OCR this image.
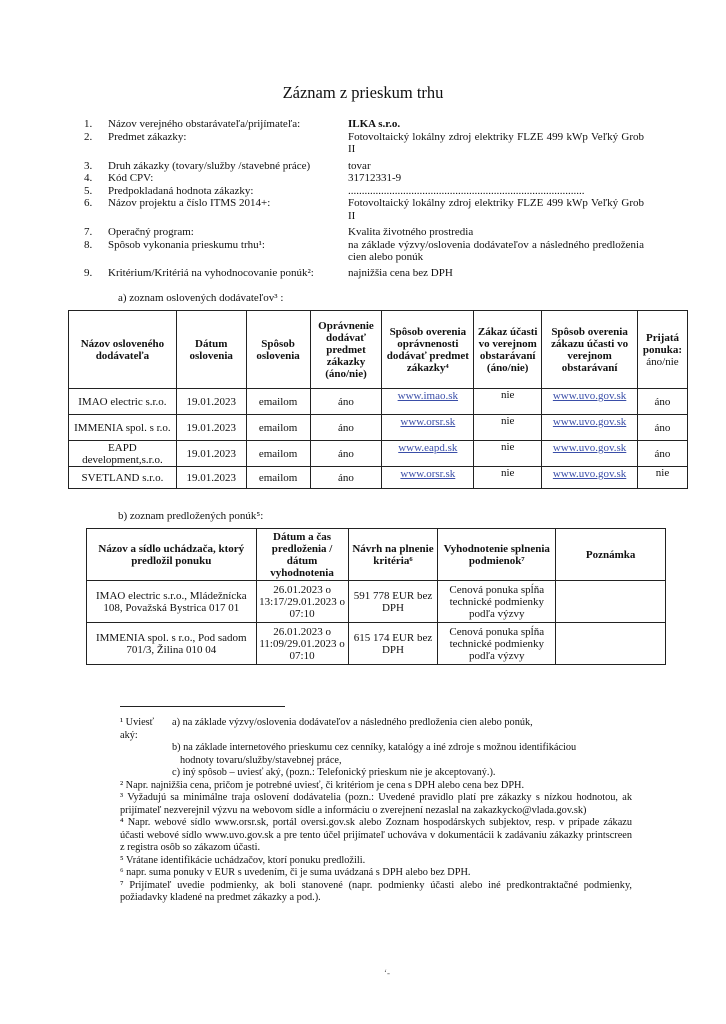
Záznam z prieskum trhu
1.	Názov verejného obstarávateľa/prijímateľa:	ILKA s.r.o.
2.	Predmet zákazky:	Fotovoltaický lokálny zdroj elektriky FLZE 499 kWp Veľký Grob II
3.	Druh zákazky (tovary/služby /stavebné práce)	tovar
4.	Kód CPV:	31712331-9
5.	Predpokladaná hodnota zákazky:	......................................................................................
6.	Názov projektu a číslo ITMS 2014+:	Fotovoltaický lokálny zdroj elektriky FLZE 499 kWp Veľký Grob II
7.	Operačný program:	Kvalita životného prostredia
8.	Spôsob vykonania prieskumu trhu¹:	na základe výzvy/oslovenia dodávateľov a následného predloženia cien alebo ponúk
9.	Kritérium/Kritériá na vyhodnocovanie ponúk²:	najnižšia cena bez DPH
a) zoznam oslovených dodávateľov³ :
Názov osloveného dodávateľa	Dátum oslovenia	Spôsob oslovenia	Oprávnenie dodávať predmet zákazky (áno/nie)	Spôsob overenia oprávnenosti dodávať predmet zákazky⁴	Zákaz účasti vo verejnom obstarávaní (áno/nie)	Spôsob overenia zákazu účasti vo verejnom obstarávaní	Prijatá ponuka:
áno/nie
IMAO electric s.r.o.	19.01.2023	emailom	áno	www.imao.sk	nie	www.uvo.gov.sk	áno
IMMENIA spol. s r.o.	19.01.2023	emailom	áno	www.orsr.sk	nie	www.uvo.gov.sk	áno
EAPD development,s.r.o.	19.01.2023	emailom	áno	www.eapd.sk	nie	www.uvo.gov.sk	áno
SVETLAND s.r.o.	19.01.2023	emailom	áno	www.orsr.sk	nie	www.uvo.gov.sk	nie
b) zoznam predložených ponúk⁵:
Názov a sídlo uchádzača, ktorý predložil ponuku	Dátum a čas predloženia / dátum vyhodnotenia	Návrh na plnenie kritéria⁶	Vyhodnotenie splnenia podmienok⁷	Poznámka
IMAO electric s.r.o., Mládežnícka 108, Považská Bystrica 017 01	26.01.2023 o 13:17/29.01.2023 o 07:10	591 778 EUR bez DPH	Cenová ponuka spĺňa technické podmienky podľa výzvy	
IMMENIA spol. s r.o., Pod sadom 701/3, Žilina 010 04	26.01.2023 o 11:09/29.01.2023 o 07:10	615 174 EUR bez DPH	Cenová ponuka spĺňa technické podmienky podľa výzvy	
¹ Uviesť aký:
a) na základe výzvy/oslovenia dodávateľov a následného predloženia cien alebo ponúk,
b) na základe internetového prieskumu cez cenníky, katalógy a iné zdroje s možnou identifikáciou
hodnoty tovaru/služby/stavebnej práce,
c) iný spôsob – uviesť aký, (pozn.: Telefonický prieskum nie je akceptovaný.).
² Napr. najnižšia cena, pričom je potrebné uviesť, či kritériom je cena s DPH alebo cena bez DPH.
³ Vyžadujú sa minimálne traja oslovení dodávatelia (pozn.: Uvedené pravidlo platí pre zákazky s nízkou hodnotou, ak prijímateľ nezverejnil výzvu na webovom sídle a informáciu o zverejnení nezaslal na zakazkycko@vlada.gov.sk)
⁴ Napr. webové sídlo www.orsr.sk, portál oversi.gov.sk alebo Zoznam hospodárskych subjektov, resp. v prípade zákazu účasti webové sídlo www.uvo.gov.sk a pre tento účel prijímateľ uchováva v dokumentácii k zadávaniu zákazky printscreen z registra osôb so zákazom účasti.
⁵ Vrátane identifikácie uchádzačov, ktorí ponuku predložili.
⁶ napr. suma ponuky v EUR s uvedením, či je suma uvádzaná s DPH alebo bez DPH.
⁷ Prijímateľ uvedie podmienky, ak boli stanovené (napr. podmienky účasti alebo iné predkontraktačné podmienky, požiadavky kladené na predmet zákazky a pod.).
ʻ-
